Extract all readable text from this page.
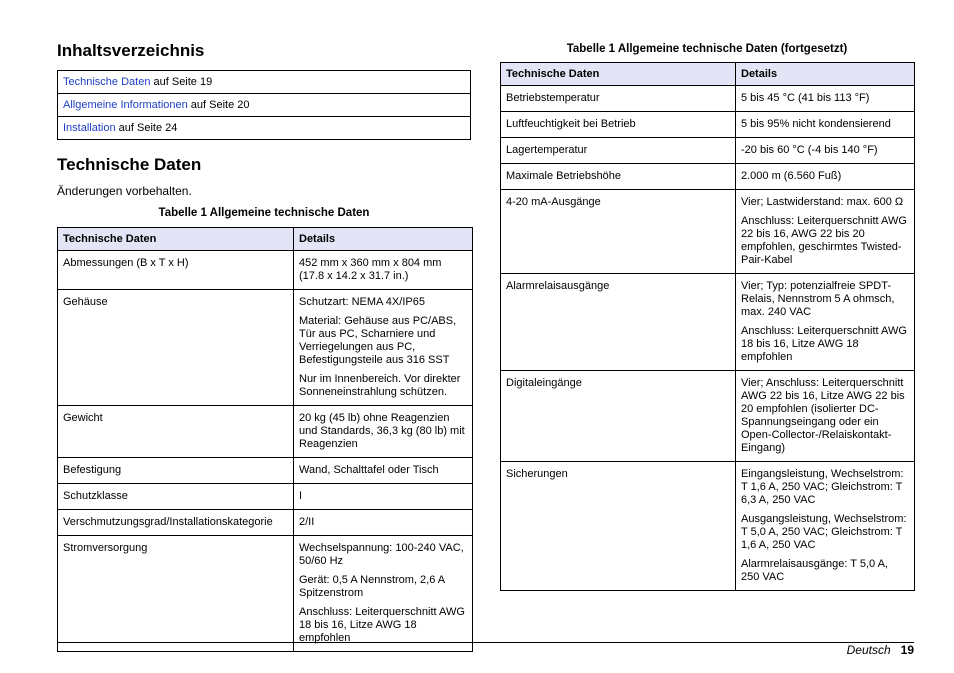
Inhaltsverzeichnis
Technische Daten auf Seite 19
Allgemeine Informationen auf Seite 20
Installation auf Seite 24
Technische Daten
Änderungen vorbehalten.
Tabelle 1 Allgemeine technische Daten
Technische Daten	Details
Abmessungen (B x T x H)	452 mm x 360 mm x 804 mm (17.8 x 14.2 x 31.7 in.)

Gehäuse	Schutzart: NEMA 4X/IP65

Material: Gehäuse aus PC/ABS, Tür aus PC, Scharniere und Verriegelungen aus PC, Befestigungsteile aus 316 SST

Nur im Innenbereich. Vor direkter Sonneneinstrahlung schützen.

Gewicht	20 kg (45 lb) ohne Reagenzien und Standards, 36,3 kg (80 lb) mit Reagenzien

Befestigung	Wand, Schalttafel oder Tisch

Schutzklasse	I

Verschmutzungsgrad/Installationskategorie	2/II

Stromversorgung	Wechselspannung: 100-240 VAC, 50/60 Hz

Gerät: 0,5 A Nennstrom, 2,6 A Spitzenstrom

Anschluss: Leiterquerschnitt AWG 18 bis 16, Litze AWG 18 empfohlen

Tabelle 1 Allgemeine technische Daten (fortgesetzt)
Technische Daten	Details
Betriebstemperatur	5 bis 45 °C (41 bis 113 °F)

Luftfeuchtigkeit bei Betrieb	5 bis 95% nicht kondensierend

Lagertemperatur	-20 bis 60 °C (-4 bis 140 °F)

Maximale Betriebshöhe	2.000 m (6.560 Fuß)

4-20 mA-Ausgänge	Vier; Lastwiderstand: max. 600 Ω

Anschluss: Leiterquerschnitt AWG 22 bis 16, AWG 22 bis 20 empfohlen, geschirmtes Twisted-Pair-Kabel

Alarmrelaisausgänge	Vier; Typ: potenzialfreie SPDT-Relais, Nennstrom 5 A ohmsch, max. 240 VAC

Anschluss: Leiterquerschnitt AWG 18 bis 16, Litze AWG 18 empfohlen

Digitaleingänge	Vier; Anschluss: Leiterquerschnitt AWG 22 bis 16, Litze AWG 22 bis 20 empfohlen (isolierter DC-Spannungseingang oder ein Open-Collector-/Relaiskontakt-Eingang)

Sicherungen	Eingangsleistung, Wechselstrom: T 1,6 A, 250 VAC; Gleichstrom: T 6,3 A, 250 VAC

Ausgangsleistung, Wechselstrom: T 5,0 A, 250 VAC; Gleichstrom: T 1,6 A, 250 VAC

Alarmrelaisausgänge: T 5,0 A, 250 VAC

Deutsch 19
